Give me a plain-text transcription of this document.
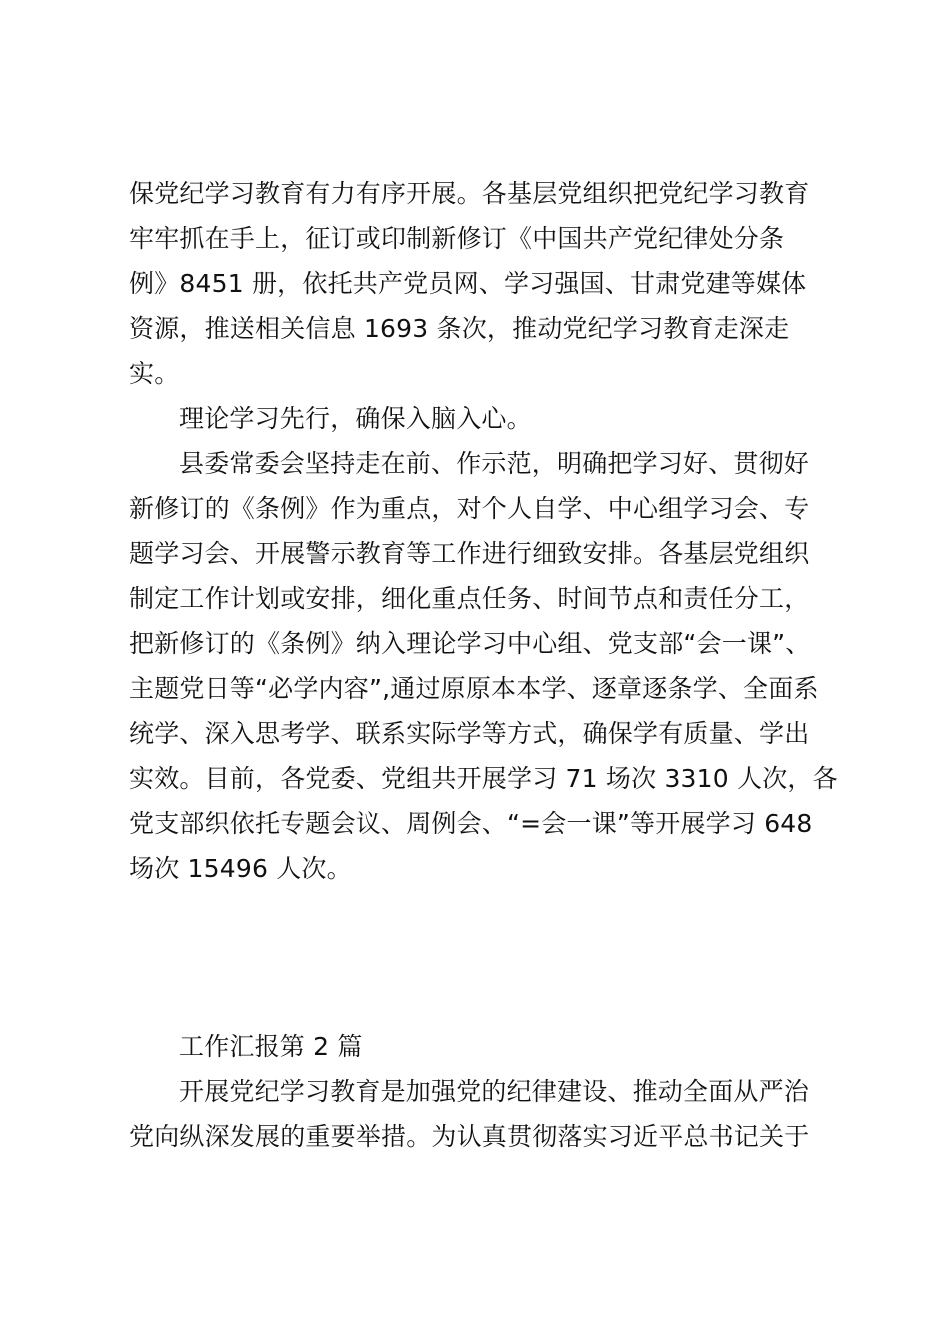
保党纪学习教育有力有序开展。各基层党组织把党纪学习教育
牢牢抓在手上，征订或印制新修订《中国共产党纪律处分条
例》8451 册，依托共产党员网、学习强国、甘肃党建等媒体
资源，推送相关信息 1693 条次，推动党纪学习教育走深走
实。
理论学习先行，确保入脑入心。
县委常委会坚持走在前、作示范，明确把学习好、贯彻好
新修订的《条例》作为重点，对个人自学、中心组学习会、专
题学习会、开展警示教育等工作进行细致安排。各基层党组织
制定工作计划或安排，细化重点任务、时间节点和责任分工，
把新修订的《条例》纳入理论学习中心组、党支部“会一课”、
主题党日等“必学内容”,通过原原本本学、逐章逐条学、全面系
统学、深入思考学、联系实际学等方式，确保学有质量、学出
实效。目前，各党委、党组共开展学习 71 场次 3310 人次，各
党支部织依托专题会议、周例会、“=会一课”等开展学习 648
场次 15496 人次。
工作汇报第 2 篇
开展党纪学习教育是加强党的纪律建设、推动全面从严治
党向纵深发展的重要举措。为认真贯彻落实习近平总书记关于
